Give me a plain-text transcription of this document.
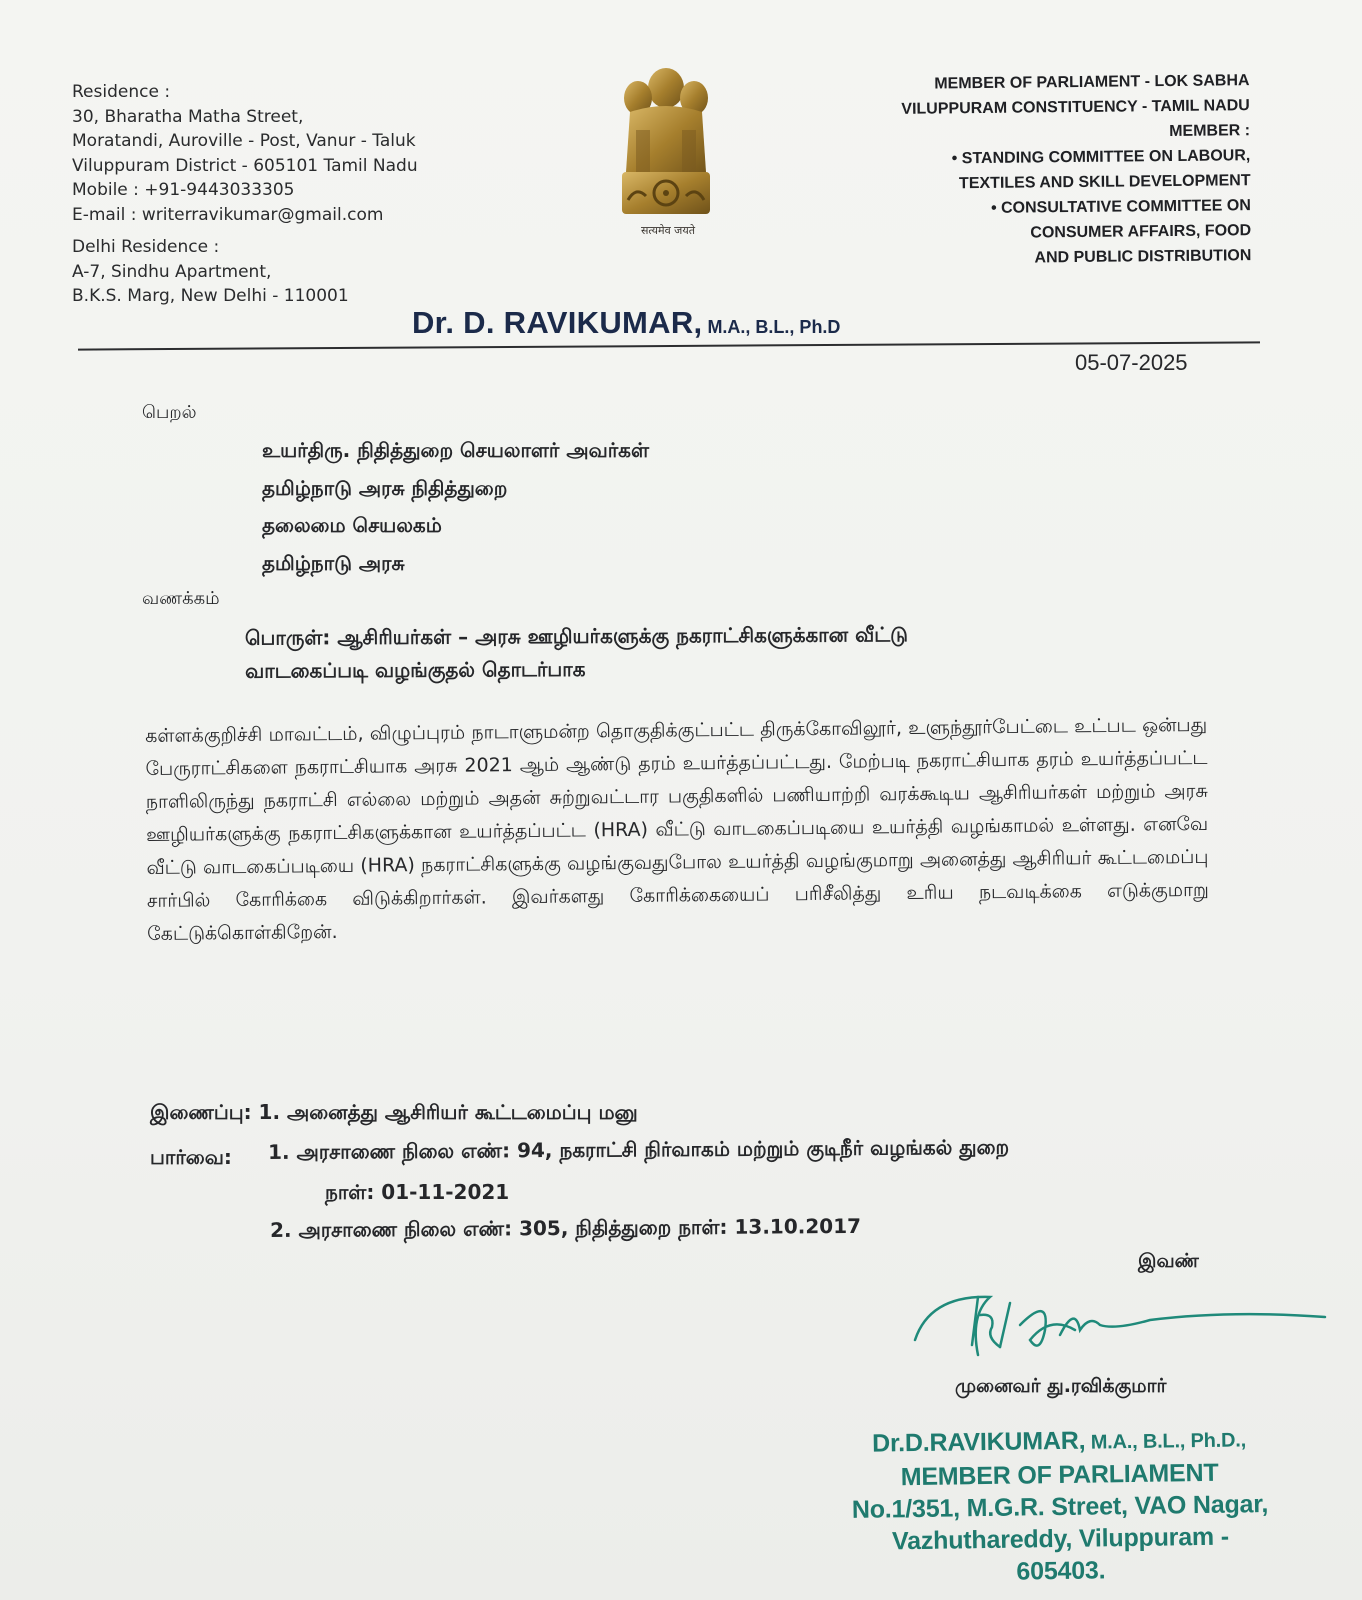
Residence :
30, Bharatha Matha Street,
Moratandi, Auroville - Post, Vanur - Taluk
Viluppuram District - 605101 Tamil Nadu
Mobile : +91-9443033305
E-mail : writerravikumar@gmail.com
Delhi Residence :
A-7, Sindhu Apartment,
B.K.S. Marg, New Delhi - 110001
सत्यमेव जयते
MEMBER OF PARLIAMENT - LOK SABHA
VILUPPURAM CONSTITUENCY - TAMIL NADU
MEMBER :
• STANDING COMMITTEE ON LABOUR,
TEXTILES AND SKILL DEVELOPMENT
• CONSULTATIVE COMMITTEE ON
CONSUMER AFFAIRS, FOOD
AND PUBLIC DISTRIBUTION
Dr. D. RAVIKUMAR, M.A., B.L., Ph.D
05-07-2025
பெறல்
உயர்திரு. நிதித்துறை செயலாளர் அவர்கள்
தமிழ்நாடு அரசு நிதித்துறை
தலைமை செயலகம்
தமிழ்நாடு அரசு
வணக்கம்
பொருள்: ஆசிரியர்கள் – அரசு ஊழியர்களுக்கு நகராட்சிகளுக்கான வீட்டு
வாடகைப்படி வழங்குதல் தொடர்பாக
கள்ளக்குறிச்சி மாவட்டம், விழுப்புரம் நாடாளுமன்ற தொகுதிக்குட்பட்ட திருக்கோவிலூர், உளுந்தூர்பேட்டை உட்பட ஒன்பது பேருராட்சிகளை நகராட்சியாக அரசு 2021 ஆம் ஆண்டு தரம் உயர்த்தப்பட்டது. மேற்படி நகராட்சியாக தரம் உயர்த்தப்பட்ட நாளிலிருந்து நகராட்சி எல்லை மற்றும் அதன் சுற்றுவட்டார பகுதிகளில் பணியாற்றி வரக்கூடிய ஆசிரியர்கள் மற்றும் அரசு ஊழியர்களுக்கு நகராட்சிகளுக்கான உயர்த்தப்பட்ட (HRA) வீட்டு வாடகைப்படியை உயர்த்தி வழங்காமல் உள்ளது. எனவே வீட்டு வாடகைப்படியை (HRA) நகராட்சிகளுக்கு வழங்குவதுபோல உயர்த்தி வழங்குமாறு அனைத்து ஆசிரியர் கூட்டமைப்பு சார்பில் கோரிக்கை விடுக்கிறார்கள். இவர்களது கோரிக்கையைப் பரிசீலித்து உரிய நடவடிக்கை எடுக்குமாறு கேட்டுக்கொள்கிறேன்.
இணைப்பு: 1. அனைத்து ஆசிரியர் கூட்டமைப்பு மனு
பார்வை: 1. அரசாணை நிலை எண்: 94, நகராட்சி நிர்வாகம் மற்றும் குடிநீர் வழங்கல் துறை
நாள்: 01-11-2021
2. அரசாணை நிலை எண்: 305, நிதித்துறை நாள்: 13.10.2017
இவண்
முனைவர் து.ரவிக்குமார்
Dr.D.RAVIKUMAR, M.A., B.L., Ph.D.,
MEMBER OF PARLIAMENT
No.1/351, M.G.R. Street, VAO Nagar,
Vazhuthareddy, Viluppuram - 605403.
